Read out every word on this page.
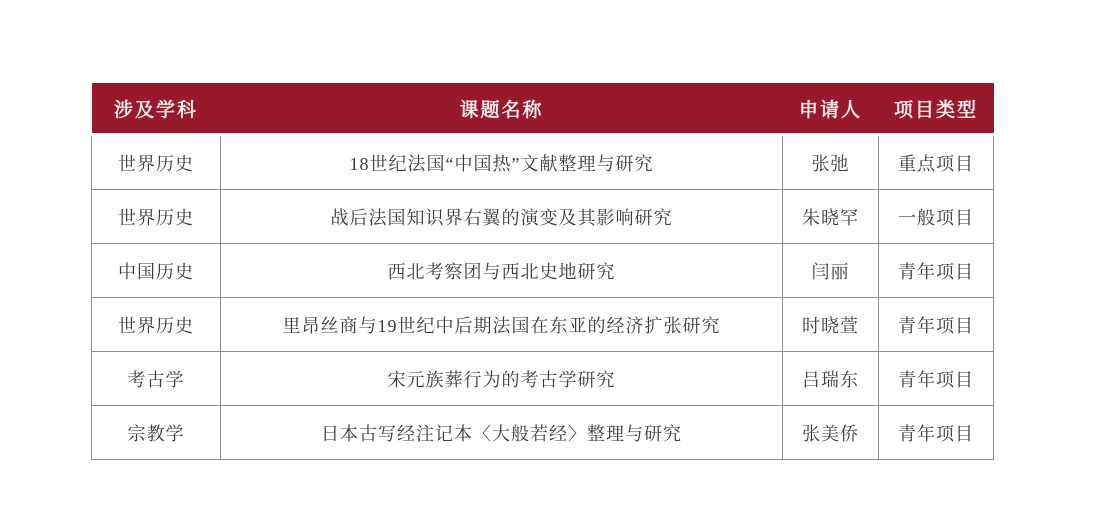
涉及学科	课题名称	申请人	项目类型
世界历史	18世纪法国“中国热”文献整理与研究	张弛	重点项目
世界历史	战后法国知识界右翼的演变及其影响研究	朱晓罕	一般项目
中国历史	西北考察团与西北史地研究	闫丽	青年项目
世界历史	里昂丝商与19世纪中后期法国在东亚的经济扩张研究	时晓萱	青年项目
考古学	宋元族葬行为的考古学研究	吕瑞东	青年项目
宗教学	日本古写经注记本〈大般若经〉整理与研究	张美侨	青年项目
